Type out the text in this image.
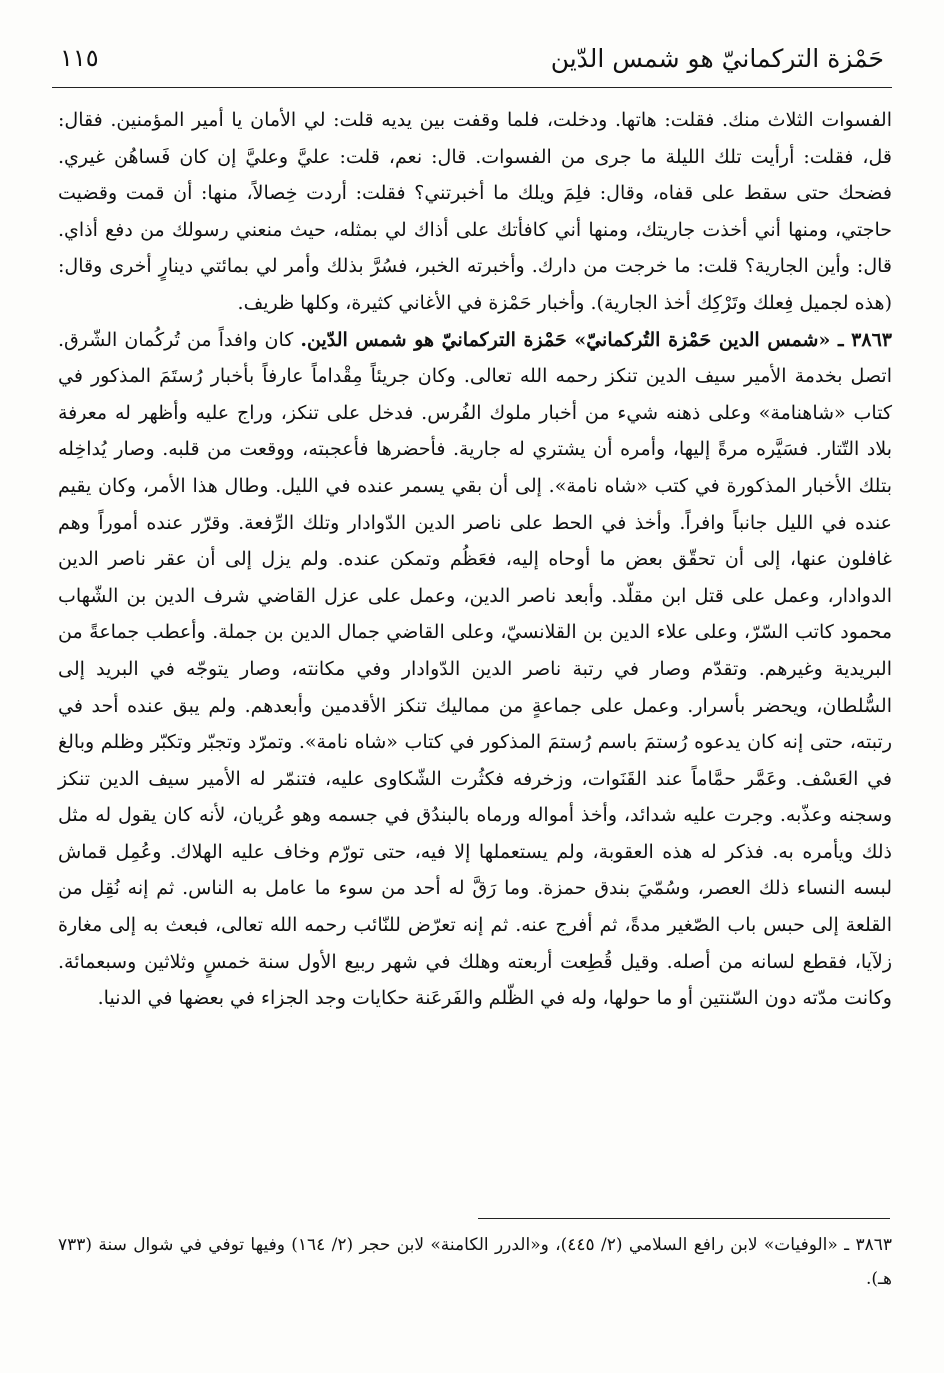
حَمْزة التركمانيّ هو شمس الدّين
١١٥

الفسوات الثلاث منك. فقلت: هاتها. ودخلت، فلما وقفت بين يديه قلت: لي الأمان يا أمير المؤمنين. فقال: قل، فقلت: أرأيت تلك الليلة ما جرى من الفسوات. قال: نعم، قلت: عليَّ وعليَّ إن كان فَساهُن غيري. فضحك حتى سقط على قفاه، وقال: فلِمَ ويلك ما أخبرتني؟ فقلت: أردت خِصالاً، منها: أن قمت وقضيت حاجتي، ومنها أني أخذت جاريتك، ومنها أني كافأتك على أذاك لي بمثله، حيث منعني رسولك من دفع أذاي. قال: وأين الجارية؟ قلت: ما خرجت من دارك. وأخبرته الخبر، فسُرَّ بذلك وأمر لي بمائتي دينارٍ أخرى وقال: (هذه لجميل فِعلك وتَرْكِك أخذ الجارية). وأخبار حَمْزة في الأغاني كثيرة، وكلها ظريف.

٣٨٦٣ ـ «شمس الدين حَمْزة التُركمانيّ» حَمْزة التركمانيّ هو شمس الدّين. كان وافداً من تُركُمان الشّرق. اتصل بخدمة الأمير سيف الدين تنكز رحمه الله تعالى. وكان جريئاً مِقْداماً عارفاً بأخبار رُستَمَ المذكور في كتاب «شاهنامة» وعلى ذهنه شيء من أخبار ملوك الفُرس. فدخل على تنكز، وراج عليه وأظهر له معرفة بلاد التّتار. فسَيَّره مرةً إليها، وأمره أن يشتري له جارية. فأحضرها فأعجبته، ووقعت من قلبه. وصار يُداخِله بتلك الأخبار المذكورة في كتب «شاه نامة». إلى أن بقي يسمر عنده في الليل. وطال هذا الأمر، وكان يقيم عنده في الليل جانباً وافراً. وأخذ في الحط على ناصر الدين الدّوادار وتلك الرِّفعة. وقرّر عنده أموراً وهم غافلون عنها، إلى أن تحقّق بعض ما أوحاه إليه، فعَظُم وتمكن عنده. ولم يزل إلى أن عقر ناصر الدين الدوادار، وعمل على قتل ابن مقلّد. وأبعد ناصر الدين، وعمل على عزل القاضي شرف الدين بن الشّهاب محمود كاتب السّرّ، وعلى علاء الدين بن القلانسيّ، وعلى القاضي جمال الدين بن جملة. وأعطب جماعةً من البريدية وغيرهم. وتقدّم وصار في رتبة ناصر الدين الدّوادار وفي مكانته، وصار يتوجّه في البريد إلى السُّلطان، ويحضر بأسرار. وعمل على جماعةٍ من مماليك تنكز الأقدمين وأبعدهم. ولم يبق عنده أحد في رتبته، حتى إنه كان يدعوه رُستمَ باسم رُستمَ المذكور في كتاب «شاه نامة». وتمرّد وتجبّر وتكبّر وظلم وبالغ في العَسْف. وعَمَّر حمَّاماً عند القَنَوات، وزخرفه فكثُرت الشّكاوى عليه، فتنمّر له الأمير سيف الدين تنكز وسجنه وعذّبه. وجرت عليه شدائد، وأخذ أمواله ورماه بالبندُق في جسمه وهو عُريان، لأنه كان يقول له مثل ذلك ويأمره به. فذكر له هذه العقوبة، ولم يستعملها إلا فيه، حتى تورّم وخاف عليه الهلاك. وعُمِل قماش لبسه النساء ذلك العصر، وسُمّيَ بندق حمزة. وما رَقَّ له أحد من سوء ما عامل به الناس. ثم إنه نُقِل من القلعة إلى حبس باب الصّغير مدةً، ثم أفرج عنه. ثم إنه تعرّض للنّائب رحمه الله تعالى، فبعث به إلى مغارة زلآيا، فقطع لسانه من أصله. وقيل قُطِعت أربعته وهلك في شهر ربيع الأول سنة خمسٍ وثلاثين وسبعمائة. وكانت مدّته دون السّنتين أو ما حولها، وله في الظّلم والفَرعَنة حكايات وجد الجزاء في بعضها في الدنيا.

٣٨٦٣ ـ «الوفيات» لابن رافع السلامي (٢/ ٤٤٥)، و«الدرر الكامنة» لابن حجر (٢/ ١٦٤) وفيها توفي في شوال سنة (٧٣٣ هـ).
